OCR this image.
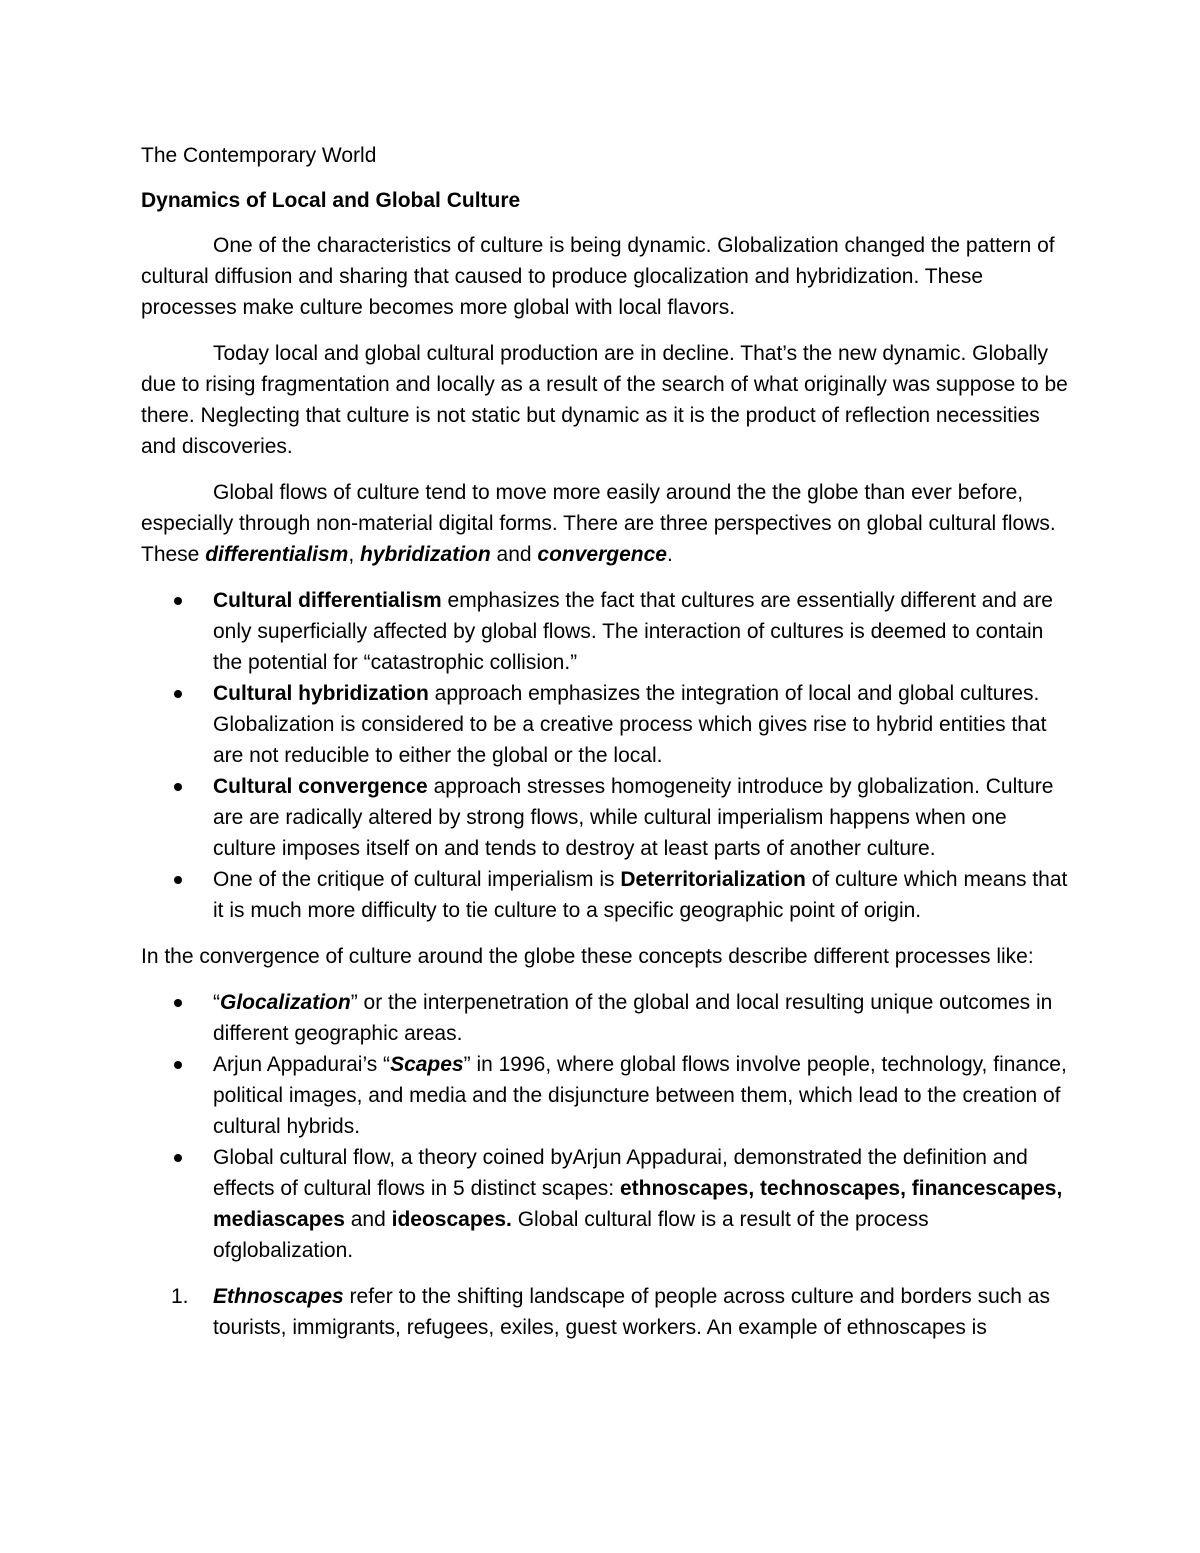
The Contemporary World

Dynamics of Local and Global Culture

One of the characteristics of culture is being dynamic. Globalization changed the pattern of cultural diffusion and sharing that caused to produce glocalization and hybridization. These processes make culture becomes more global with local flavors.

Today local and global cultural production are in decline. That’s the new dynamic. Globally due to rising fragmentation and locally as a result of the search of what originally was suppose to be there. Neglecting that culture is not static but dynamic as it is the product of reflection necessities and discoveries.

Global flows of culture tend to move more easily around the the globe than ever before, especially through non-material digital forms. There are three perspectives on global cultural flows. These differentialism, hybridization and convergence.

Cultural differentialism emphasizes the fact that cultures are essentially different and are only superficially affected by global flows. The interaction of cultures is deemed to contain the potential for “catastrophic collision.”
Cultural hybridization approach emphasizes the integration of local and global cultures. Globalization is considered to be a creative process which gives rise to hybrid entities that are not reducible to either the global or the local.
Cultural convergence approach stresses homogeneity introduce by globalization. Culture are are radically altered by strong flows, while cultural imperialism happens when one culture imposes itself on and tends to destroy at least parts of another culture.
One of the critique of cultural imperialism is Deterritorialization of culture which means that it is much more difficulty to tie culture to a specific geographic point of origin.

In the convergence of culture around the globe these concepts describe different processes like:

“Glocalization” or the interpenetration of the global and local resulting unique outcomes in different geographic areas.
Arjun Appadurai’s “Scapes” in 1996, where global flows involve people, technology, finance, political images, and media and the disjuncture between them, which lead to the creation of cultural hybrids.
Global cultural flow, a theory coined byArjun Appadurai, demonstrated the definition and effects of cultural flows in 5 distinct scapes: ethnoscapes, technoscapes, financescapes, mediascapes and ideoscapes. Global cultural flow is a result of the process ofglobalization.
1. Ethnoscapes refer to the shifting landscape of people across culture and borders such as tourists, immigrants, refugees, exiles, guest workers. An example of ethnoscapes is
